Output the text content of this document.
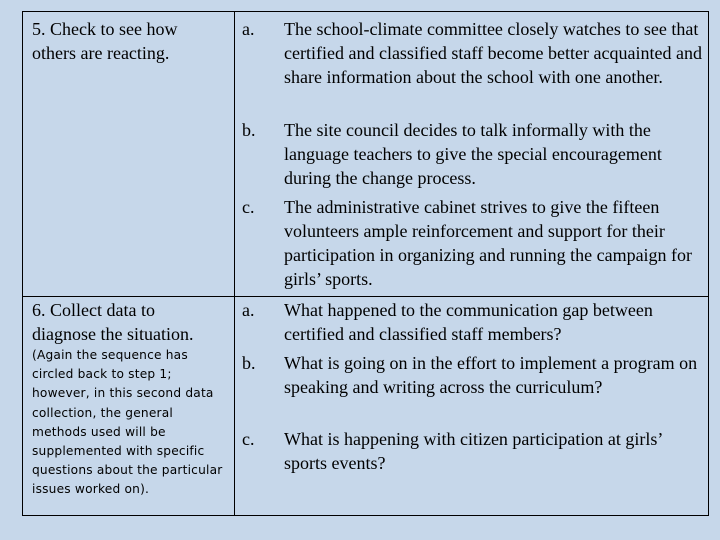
5. Check to see how others are reacting.
a. The school-climate committee closely watches to see that certified and classified staff become better acquainted and share information about the school with one another.
b. The site council decides to talk informally with the language teachers to give the special encouragement during the change process.
c. The administrative cabinet strives to give the fifteen volunteers ample reinforcement and support for their participation in organizing and running the campaign for girls’ sports.
6. Collect data to diagnose the situation.
(Again the sequence has circled back to step 1; however, in this second data collection, the general methods used will be supplemented with specific questions about the particular issues worked on).
a. What happened to the communication gap between certified and classified staff members?
b. What is going on in the effort to implement a program on speaking and writing across the curriculum?
c. What is happening with citizen participation at girls’ sports events?
